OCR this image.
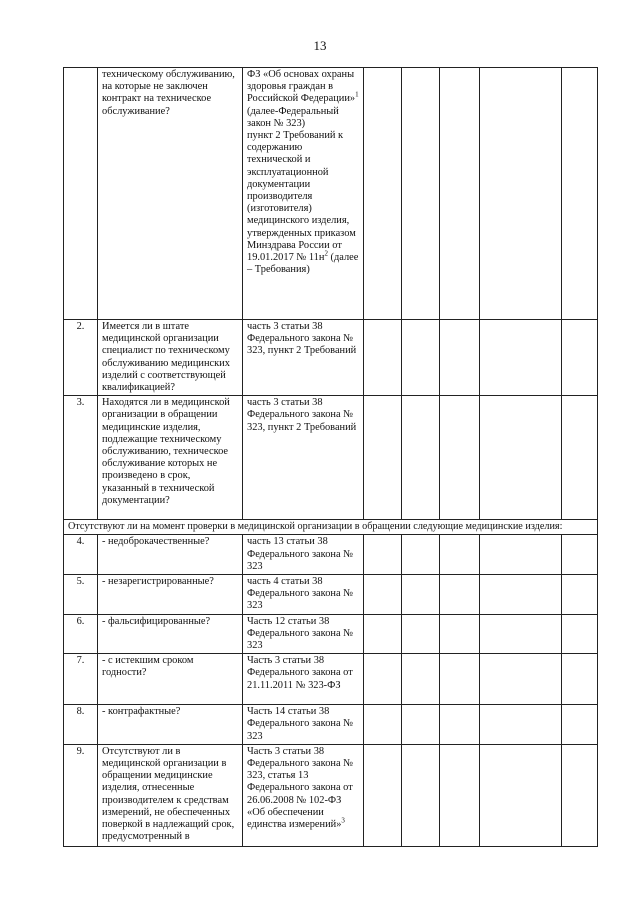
13
	техническому обслуживанию, на которые не заключен контракт на техническое обслуживание?	ФЗ «Об основах охраны здоровья граждан в Российской Федерации»$^1$ (далее-Федеральный закон № 323)
пункт 2 Требований к содержанию технической и эксплуатационной документации производителя (изготовителя) медицинского изделия, утвержденных приказом Минздрава России от 19.01.2017 № $11н^2$ (далее – Требования)					
2.	Имеется ли в штате медицинской организации специалист по техническому обслуживанию медицинских изделий с соответствующей квалификацией?	часть 3 статьи 38 Федерального закона № 323, пункт 2 Требований					
3.	Находятся ли в медицинской организации в обращении медицинские изделия, подлежащие техническому обслуживанию, техническое обслуживание которых не произведено в срок, указанный в технической документации?	часть 3 статьи 38 Федерального закона № 323, пункт 2 Требований					
Отсутствуют ли на момент проверки в медицинской организации в обращении следующие медицинские изделия:							
4.	- недоброкачественные?	часть 13 статьи 38 Федерального закона № 323					
5.	- незарегистрированные?	часть 4 статьи 38 Федерального закона № 323					
6.	- фальсифицированные?	Часть 12 статьи 38 Федерального закона № 323					
7.	- с истекшим сроком годности?	Часть 3 статьи 38 Федерального закона от 21.11.2011 № 323-ФЗ					
8.	- контрафактные?	Часть 14 статьи 38 Федерального закона № 323					
9.	Отсутствуют ли в медицинской организации в обращении медицинские изделия, отнесенные производителем к средствам измерений, не обеспеченных поверкой в надлежащий срок, предусмотренный в	Часть 3 статьи 38 Федерального закона № 323, статья 13 Федерального закона от 26.06.2008 № 102-ФЗ «Об обеспечении единства измерений»$^3$					
